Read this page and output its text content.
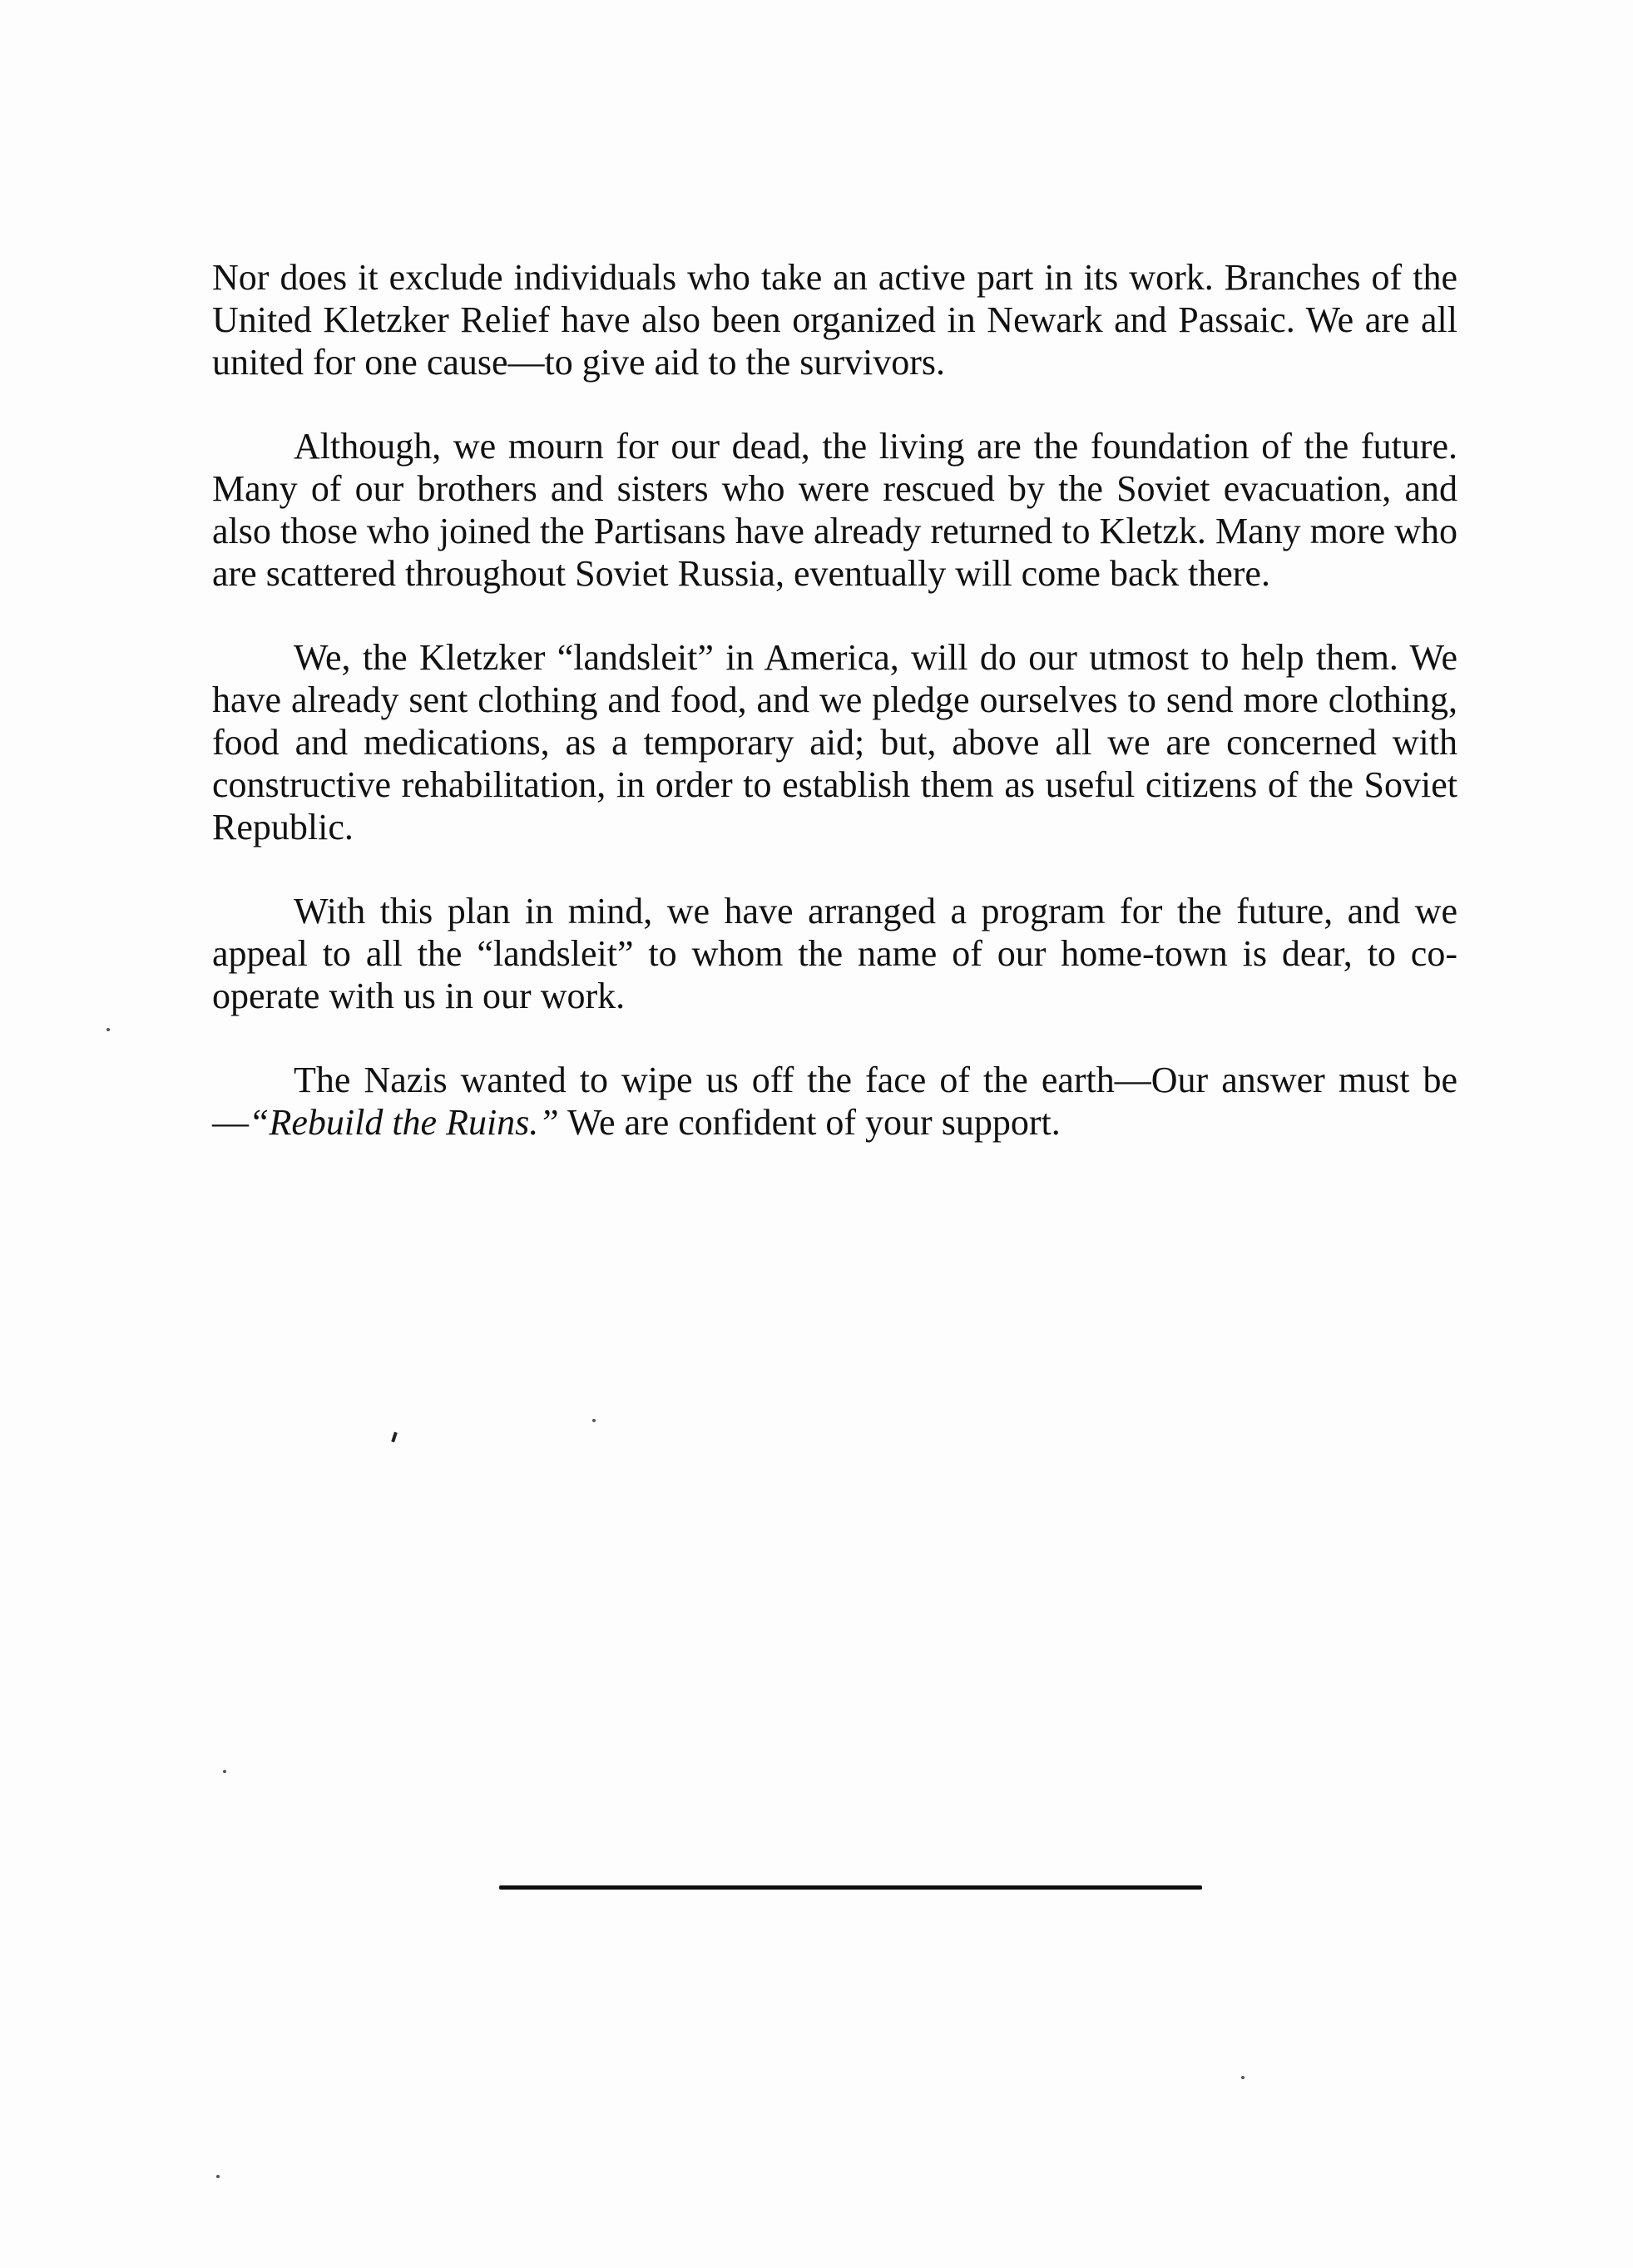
Nor does it exclude individuals who take an active part in its work. Branches of the United Kletzker Relief have also been organized in Newark and Passaic. We are all united for one cause—to give aid to the survivors.

Although, we mourn for our dead, the living are the foundation of the future. Many of our brothers and sisters who were rescued by the Soviet evacuation, and also those who joined the Partisans have already returned to Kletzk. Many more who are scattered throughout Soviet Russia, eventually will come back there.

We, the Kletzker “landsleit” in America, will do our utmost to help them. We have already sent clothing and food, and we pledge ourselves to send more clothing, food and medications, as a temporary aid; but, above all we are concerned with constructive rehabilitation, in order to establish them as useful citizens of the Soviet Republic.

With this plan in mind, we have arranged a program for the future, and we appeal to all the “landsleit” to whom the name of our home-town is dear, to co-operate with us in our work.

The Nazis wanted to wipe us off the face of the earth—Our answer must be—“Rebuild the Ruins.” We are confident of your support.
